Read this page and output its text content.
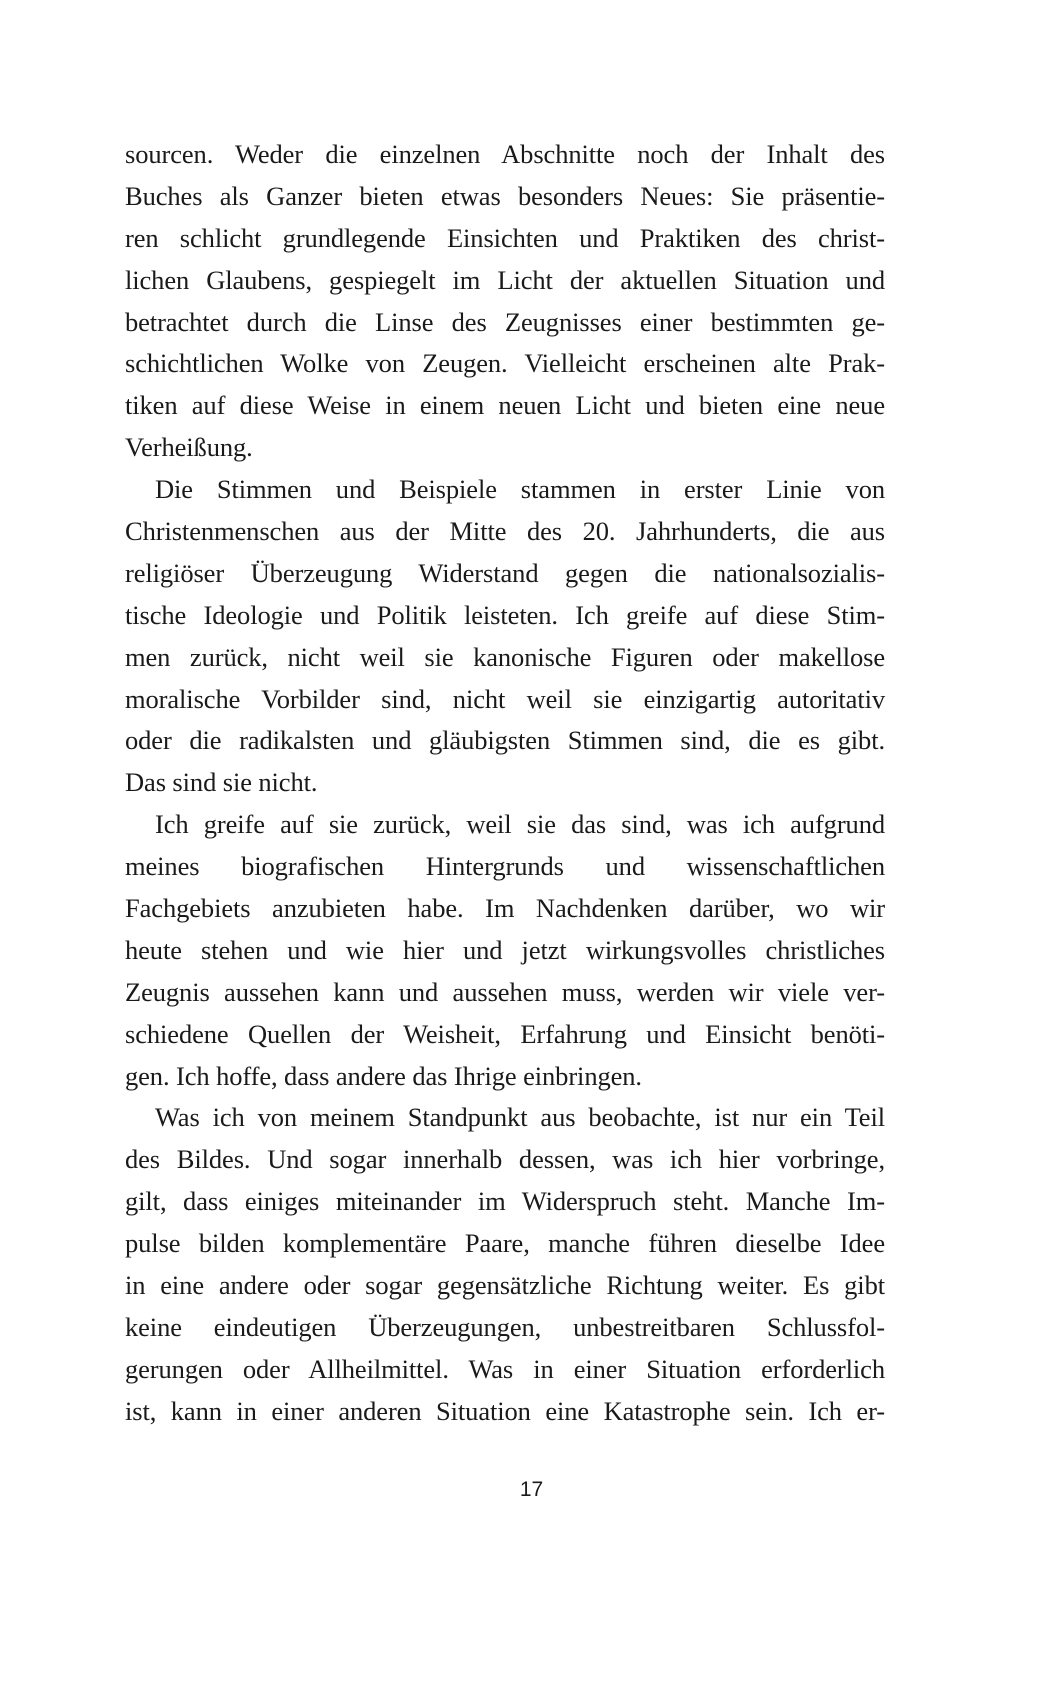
sourcen. Weder die einzelnen Abschnitte noch der Inhalt des
Buches als Ganzer bieten etwas besonders Neues: Sie präsentie-
ren schlicht grundlegende Einsichten und Praktiken des christ-
lichen Glaubens, gespiegelt im Licht der aktuellen Situation und
betrachtet durch die Linse des Zeugnisses einer bestimmten ge-
schichtlichen Wolke von Zeugen. Vielleicht erscheinen alte Prak-
tiken auf diese Weise in einem neuen Licht und bieten eine neue
Verheißung.
Die Stimmen und Beispiele stammen in erster Linie von
Christenmenschen aus der Mitte des 20. Jahrhunderts, die aus
religiöser Überzeugung Widerstand gegen die nationalsozialis-
tische Ideologie und Politik leisteten. Ich greife auf diese Stim-
men zurück, nicht weil sie kanonische Figuren oder makellose
moralische Vorbilder sind, nicht weil sie einzigartig autoritativ
oder die radikalsten und gläubigsten Stimmen sind, die es gibt.
Das sind sie nicht.
Ich greife auf sie zurück, weil sie das sind, was ich aufgrund
meines biografischen Hintergrunds und wissenschaftlichen
Fachgebiets anzubieten habe. Im Nachdenken darüber, wo wir
heute stehen und wie hier und jetzt wirkungsvolles christliches
Zeugnis aussehen kann und aussehen muss, werden wir viele ver-
schiedene Quellen der Weisheit, Erfahrung und Einsicht benöti-
gen. Ich hoffe, dass andere das Ihrige einbringen.
Was ich von meinem Standpunkt aus beobachte, ist nur ein Teil
des Bildes. Und sogar innerhalb dessen, was ich hier vorbringe,
gilt, dass einiges miteinander im Widerspruch steht. Manche Im-
pulse bilden komplementäre Paare, manche führen dieselbe Idee
in eine andere oder sogar gegensätzliche Richtung weiter. Es gibt
keine eindeutigen Überzeugungen, unbestreitbaren Schlussfol-
gerungen oder Allheilmittel. Was in einer Situation erforderlich
ist, kann in einer anderen Situation eine Katastrophe sein. Ich er-
17
